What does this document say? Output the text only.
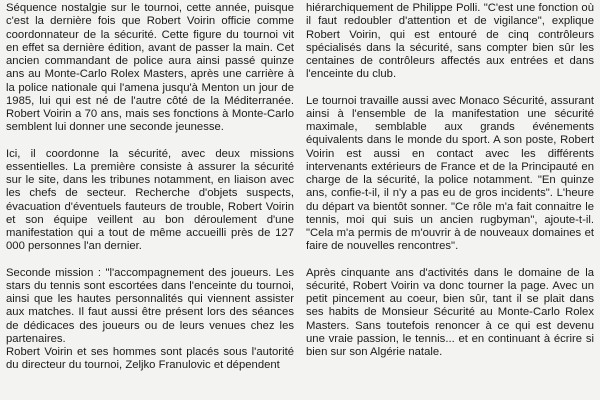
Séquence nostalgie sur le tournoi, cette année, puisque c'est la dernière fois que Robert Voirin officie comme coordonnateur de la sécurité. Cette figure du tournoi vit en effet sa dernière édition, avant de passer la main. Cet ancien commandant de police aura ainsi passé quinze ans au Monte-Carlo Rolex Masters, après une carrière à la police nationale qui l'amena jusqu'à Menton un jour de 1985, lui qui est né de l'autre côté de la Méditerranée. Robert Voirin a 70 ans, mais ses fonctions à Monte-Carlo semblent lui donner une seconde jeunesse.

Ici, il coordonne la sécurité, avec deux missions essentielles. La première consiste à assurer la sécurité sur le site, dans les tribunes notamment, en liaison avec les chefs de secteur. Recherche d'objets suspects, évacuation d'éventuels fauteurs de trouble, Robert Voirin et son équipe veillent au bon déroulement d'une manifestation qui a tout de même accueilli près de 127 000 personnes l'an dernier.

Seconde mission : "l'accompagnement des joueurs. Les stars du tennis sont escortées dans l'enceinte du tournoi, ainsi que les hautes personnalités qui viennent assister aux matches. Il faut aussi être présent lors des séances de dédicaces des joueurs ou de leurs venues chez les partenaires.

Robert Voirin et ses hommes sont placés sous l'autorité du directeur du tournoi, Zeljko Franulovic et dépendent

hiérarchiquement de Philippe Polli. "C'est une fonction où il faut redoubler d'attention et de vigilance", explique Robert Voirin, qui est entouré de cinq contrôleurs spécialisés dans la sécurité, sans compter bien sûr les centaines de contrôleurs affectés aux entrées et dans l'enceinte du club.

Le tournoi travaille aussi avec Monaco Sécurité, assurant ainsi à l'ensemble de la manifestation une sécurité maximale, semblable aux grands événements équivalents dans le monde du sport. A son poste, Robert Voirin est aussi en contact avec les différents intervenants extérieurs de France et de la Principauté en charge de la sécurité, la police notamment. "En quinze ans, confie-t-il, il n'y a pas eu de gros incidents". L'heure du départ va bientôt sonner. "Ce rôle m'a fait connaitre le tennis, moi qui suis un ancien rugbyman", ajoute-t-il. "Cela m'a permis de m'ouvrir à de nouveaux domaines et faire de nouvelles rencontres".

Après cinquante ans d'activités dans le domaine de la sécurité, Robert Voirin va donc tourner la page. Avec un petit pincement au coeur, bien sûr, tant il se plait dans ses habits de Monsieur Sécurité au Monte-Carlo Rolex Masters. Sans toutefois renoncer à ce qui est devenu une vraie passion, le tennis... et en continuant à écrire si bien sur son Algérie natale.
